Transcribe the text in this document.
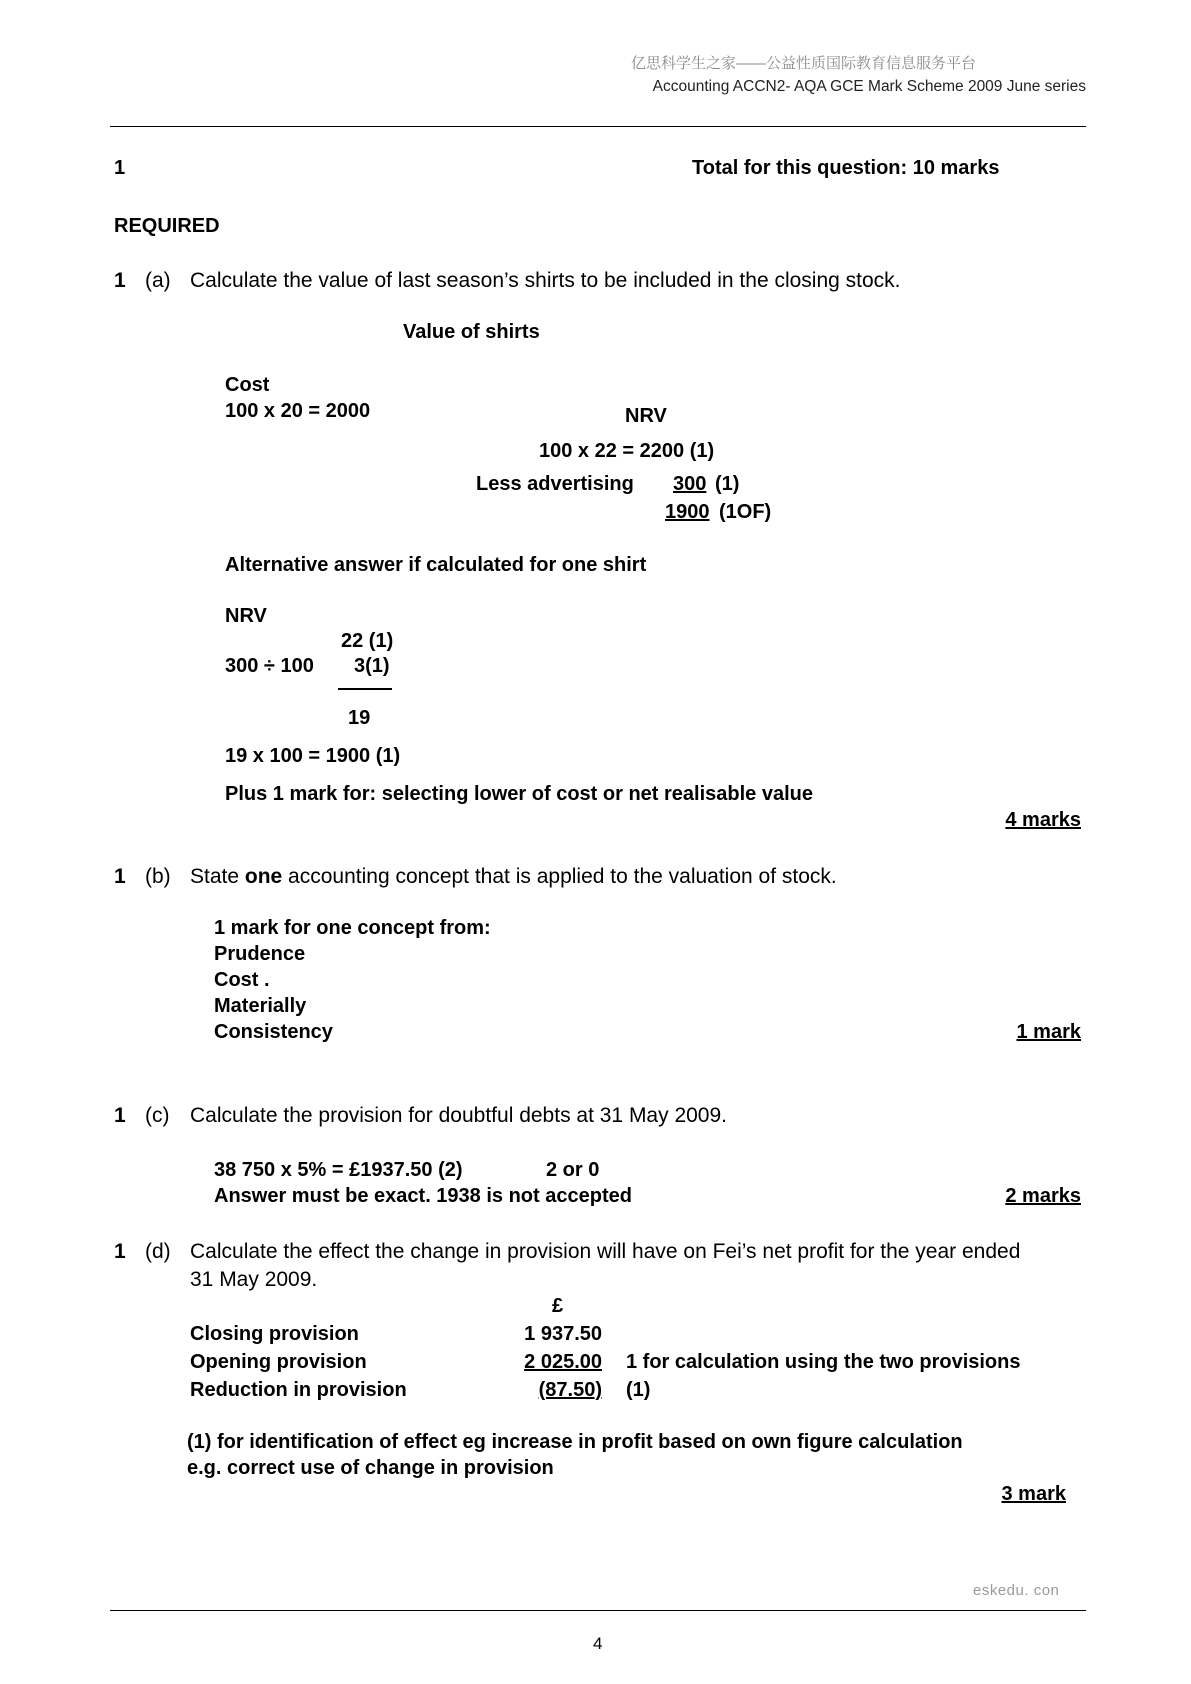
亿思科学生之家——公益性质国际教育信息服务平台
Accounting ACCN2- AQA GCE Mark Scheme 2009 June series
1	Total for this question: 10 marks
REQUIRED
1 (a) Calculate the value of last season’s shirts to be included in the closing stock.
Value of shirts
Cost
100 x 20 = 2000	NRV
100 x 22 = 2200 (1)
Less advertising 300 (1)
1900 (1OF)
Alternative answer if calculated for one shirt
NRV
22 (1)
300 ÷ 100 3(1)
19
19 x 100 = 1900 (1)
Plus 1 mark for: selecting lower of cost or net realisable value
4 marks
1 (b) State one accounting concept that is applied to the valuation of stock.
1 mark for one concept from:
Prudence
Cost .
Materially
Consistency	1 mark
1 (c) Calculate the provision for doubtful debts at 31 May 2009.
38 750 x 5% = £1937.50 (2)	2 or 0
Answer must be exact. 1938 is not accepted	2 marks
1 (d) Calculate the effect the change in provision will have on Fei’s net profit for the year ended
31 May 2009.
£
Closing provision	1 937.50
Opening provision	2 025.00 1 for calculation using the two provisions
Reduction in provision	(87.50) (1)
(1) for identification of effect eg increase in profit based on own figure calculation
e.g. correct use of change in provision
3 mark
eskedu. con
4
